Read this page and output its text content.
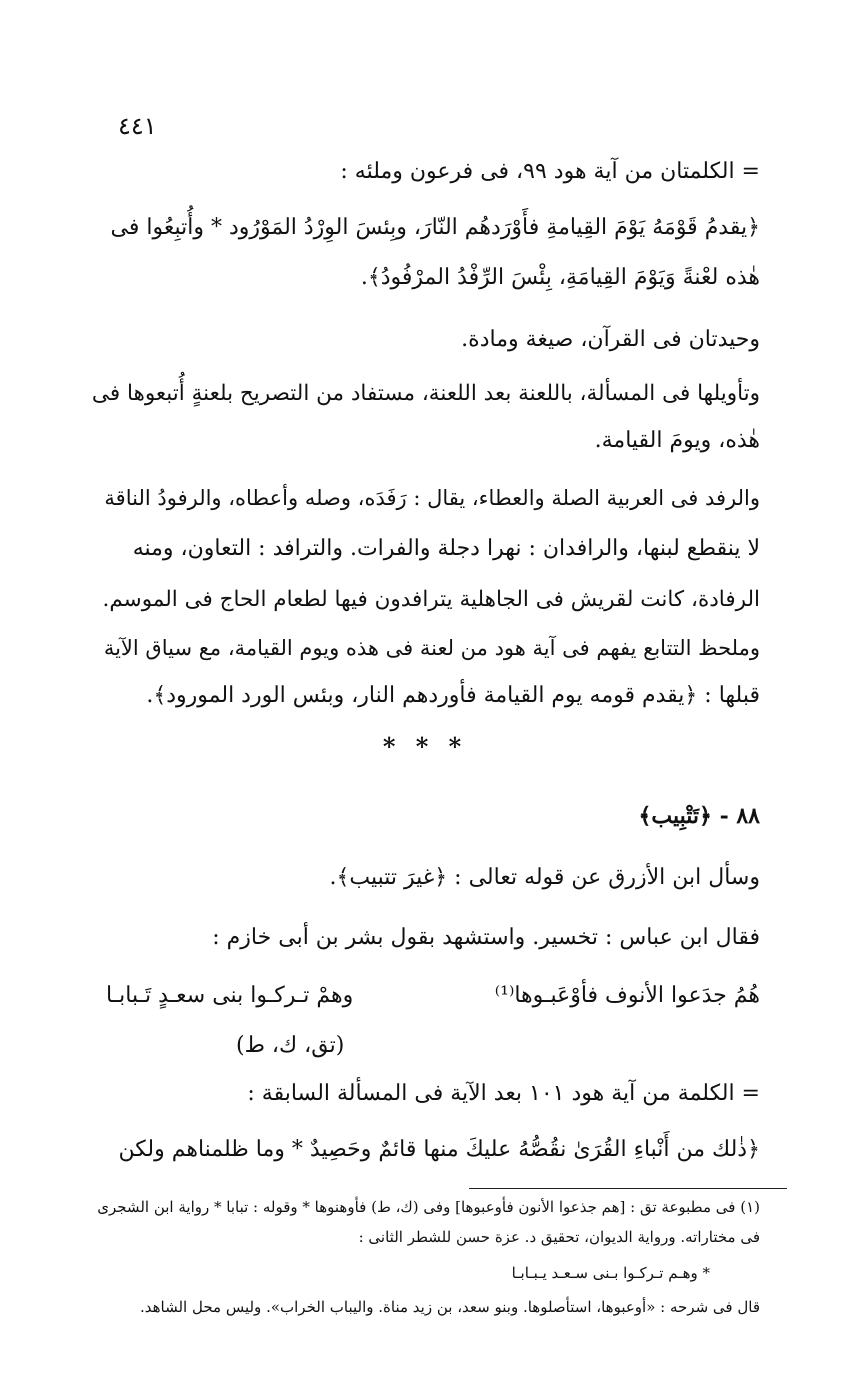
٤٤١
= الكلمتان من آية هود ٩٩، فى فرعون وملئه :
﴿يقدمُ قَوْمَهُ يَوْمَ القِيامةِ فأَوْرَدهُم النّارَ، وبِئسَ الوِرْدُ المَوْرُود * وأُتبِعُوا فى
هٰذه لعْنةً وَيَوْمَ القِيامَةِ، بِئْسَ الرِّفْدُ المرْفُودُ﴾.
وحيدتان فى القرآن، صيغة ومادة.
وتأويلها فى المسألة، باللعنة بعد اللعنة، مستفاد من التصريح بلعنةٍ أُتبعوها فى
هٰذه، ويومَ القيامة.
والرفد فى العربية الصلة والعطاء، يقال : رَفَدَه، وصله وأعطاه، والرفودُ الناقة
لا ينقطع لبنها، والرافدان : نهرا دجلة والفرات. والترافد : التعاون، ومنه
الرفادة، كانت لقريش فى الجاهلية يترافدون فيها لطعام الحاج فى الموسم.
وملحظ التتابع يفهم فى آية هود من لعنة فى هذه ويوم القيامة، مع سياق الآية
قبلها : ﴿يقدم قومه يوم القيامة فأوردهم النار، وبئس الورد المورود﴾.
* * *
٨٨ - ﴿تَتْبِيب﴾
وسأل ابن الأزرق عن قوله تعالى : ﴿غيرَ تتبيب﴾.
فقال ابن عباس : تخسير. واستشهد بقول بشر بن أبى خازم :
هُمُ جدَعوا الأنوف فأوْعَبـوها⁽¹⁾
وهمْ تـركـوا بنى سعـدٍ تَـبابـا
(تق، ك، ط)
= الكلمة من آية هود ١٠١ بعد الآية فى المسألة السابقة :
﴿ذٰلك من أَنْباءِ القُرَىٰ نقُصُّهُ عليكَ منها قائمٌ وحَصِيدٌ * وما ظلمناهم ولكن
(١) فى مطبوعة تق : [هم جذعوا الأنون فأوعبوها] وفى (ك، ط) فأوهنوها * وقوله : تبابا * رواية ابن الشجرى
فى مختاراته. ورواية الديوان، تحقيق د. عزة حسن للشطر الثانى :
* وهـم تـركـوا بـنى سـعـد يـبـابـا
قال فى شرحه : «أوعبوها، استأصلوها. وبنو سعد، بن زيد مناة. واليباب الخراب». وليس محل الشاهد.
